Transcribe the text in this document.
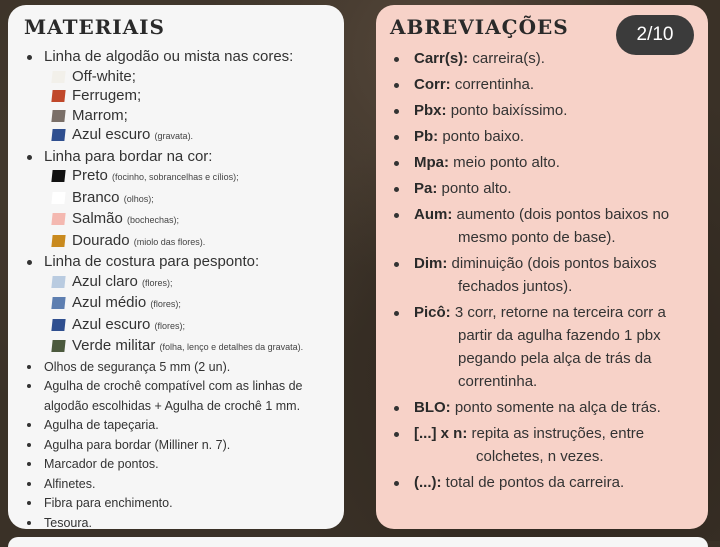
MATERIAIS
Linha de algodão ou mista nas cores:
Off-white;
Ferrugem;
Marrom;
Azul escuro (gravata).
Linha para bordar na cor:
Preto (focinho, sobrancelhas e cílios);
Branco (olhos);
Salmão (bochechas);
Dourado (miolo das flores).
Linha de costura para pesponto:
Azul claro (flores);
Azul médio (flores);
Azul escuro (flores);
Verde militar (folha, lenço e detalhes da gravata).
Olhos de segurança 5 mm (2 un).
Agulha de crochê compatível com as linhas de
algodão escolhidas + Agulha de crochê 1 mm.
Agulha de tapeçaria.
Agulha para bordar (Milliner n. 7).
Marcador de pontos.
Alfinetes.
Fibra para enchimento.
Tesoura.
ABREVIAÇÕES	2/10
Carr(s): carreira(s).
Corr: correntinha.
Pbx: ponto baixíssimo.
Pb: ponto baixo.
Mpa: meio ponto alto.
Pa: ponto alto.
Aum: aumento (dois pontos baixos no
mesmo ponto de base).
Dim: diminuição (dois pontos baixos
fechados juntos).
Picô: 3 corr, retorne na terceira corr a
partir da agulha fazendo 1 pbx
pegando pela alça de trás da
correntinha.
BLO: ponto somente na alça de trás.
[...] x n: repita as instruções, entre
colchetes, n vezes.
(...): total de pontos da carreira.
